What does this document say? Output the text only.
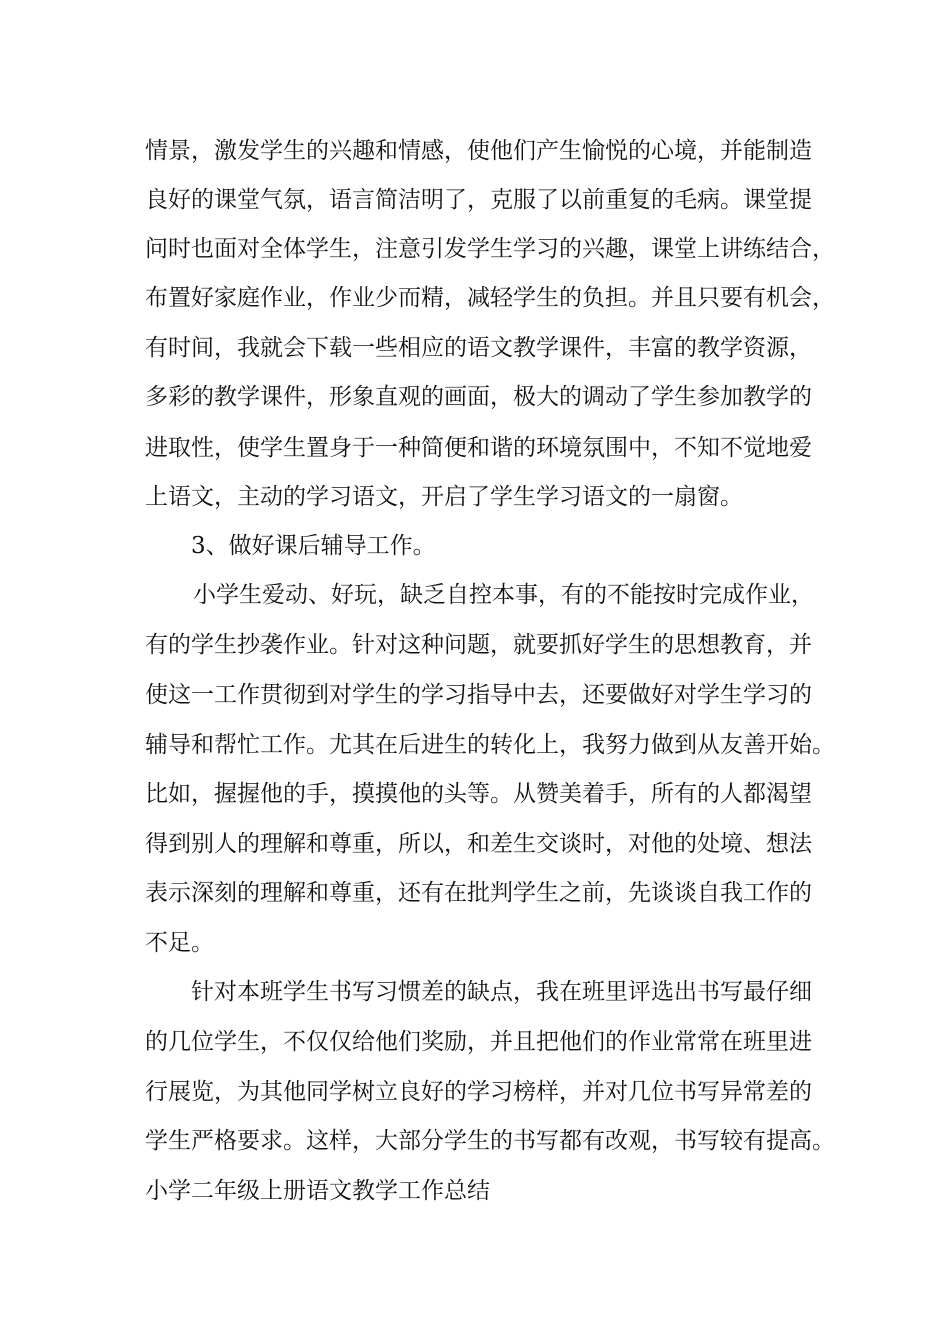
情景，激发学生的兴趣和情感，使他们产生愉悦的心境，并能制造
良好的课堂气氛，语言简洁明了，克服了以前重复的毛病。课堂提
问时也面对全体学生，注意引发学生学习的兴趣，课堂上讲练结合，
布置好家庭作业，作业少而精，减轻学生的负担。并且只要有机会，
有时间，我就会下载一些相应的语文教学课件，丰富的教学资源，
多彩的教学课件，形象直观的画面，极大的调动了学生参加教学的
进取性，使学生置身于一种简便和谐的环境氛围中，不知不觉地爱
上语文，主动的学习语文，开启了学生学习语文的一扇窗。
3、做好课后辅导工作。
小学生爱动、好玩，缺乏自控本事，有的不能按时完成作业，
有的学生抄袭作业。针对这种问题，就要抓好学生的思想教育，并
使这一工作贯彻到对学生的学习指导中去，还要做好对学生学习的
辅导和帮忙工作。尤其在后进生的转化上，我努力做到从友善开始。
比如，握握他的手，摸摸他的头等。从赞美着手，所有的人都渴望
得到别人的理解和尊重，所以，和差生交谈时，对他的处境、想法
表示深刻的理解和尊重，还有在批判学生之前，先谈谈自我工作的
不足。
针对本班学生书写习惯差的缺点，我在班里评选出书写最仔细
的几位学生，不仅仅给他们奖励，并且把他们的作业常常在班里进
行展览，为其他同学树立良好的学习榜样，并对几位书写异常差的
学生严格要求。这样，大部分学生的书写都有改观，书写较有提高。
小学二年级上册语文教学工作总结
